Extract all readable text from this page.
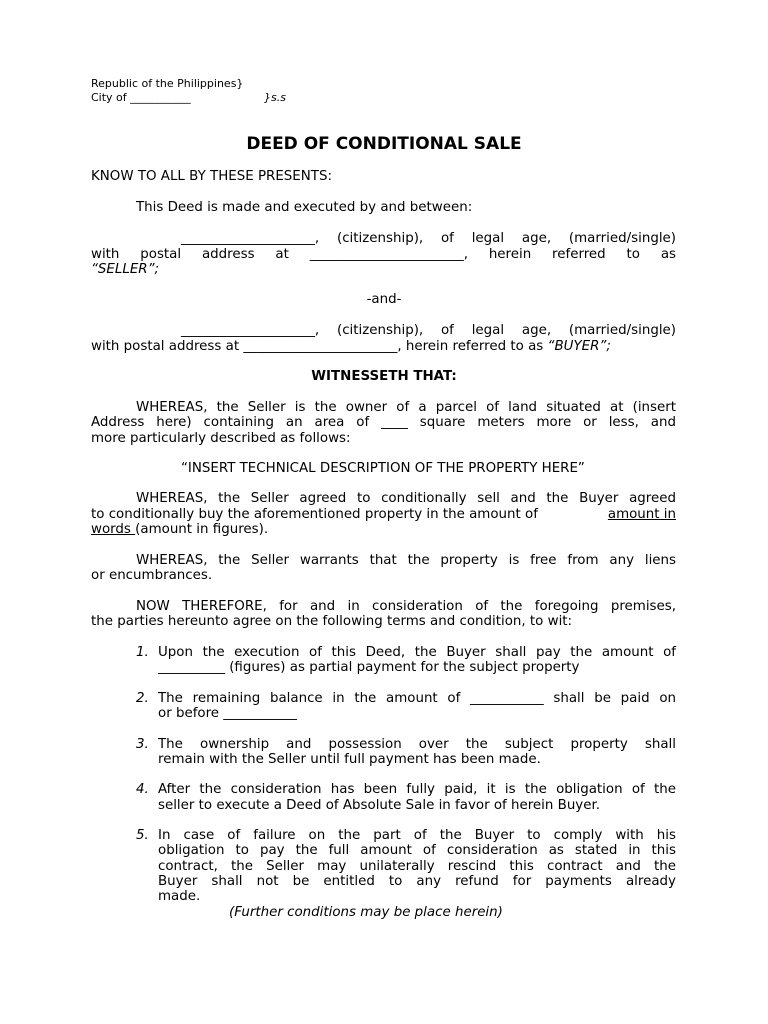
Republic of the Philippines}
City of ___________	}s.s
DEED OF CONDITIONAL SALE
KNOW TO ALL BY THESE PRESENTS:
This Deed is made and executed by and between:
____________________, (citizenship), of legal age, (married/single)
with postal address at _______________________, herein referred to as
“SELLER”;
-and-
____________________, (citizenship), of legal age, (married/single)
with postal address at _______________________, herein referred to as “BUYER”;
WITNESSETH THAT:
WHEREAS, the Seller is the owner of a parcel of land situated at (insert
Address here) containing an area of ____ square meters more or less, and
more particularly described as follows:
“INSERT TECHNICAL DESCRIPTION OF THE PROPERTY HERE”
WHEREAS, the Seller agreed to conditionally sell and the Buyer agreed
to conditionally buy the aforementioned property in the amount of	amount in
words (amount in figures).
WHEREAS, the Seller warrants that the property is free from any liens
or encumbrances.
NOW THEREFORE, for and in consideration of the foregoing premises,
the parties hereunto agree on the following terms and condition, to wit:
1. Upon the execution of this Deed, the Buyer shall pay the amount of
__________ (figures) as partial payment for the subject property
2. The remaining balance in the amount of ___________ shall be paid on
or before ___________
3. The ownership and possession over the subject property shall
remain with the Seller until full payment has been made.
4. After the consideration has been fully paid, it is the obligation of the
seller to execute a Deed of Absolute Sale in favor of herein Buyer.
5. In case of failure on the part of the Buyer to comply with his
obligation to pay the full amount of consideration as stated in this
contract, the Seller may unilaterally rescind this contract and the
Buyer shall not be entitled to any refund for payments already
made.
(Further conditions may be place herein)
